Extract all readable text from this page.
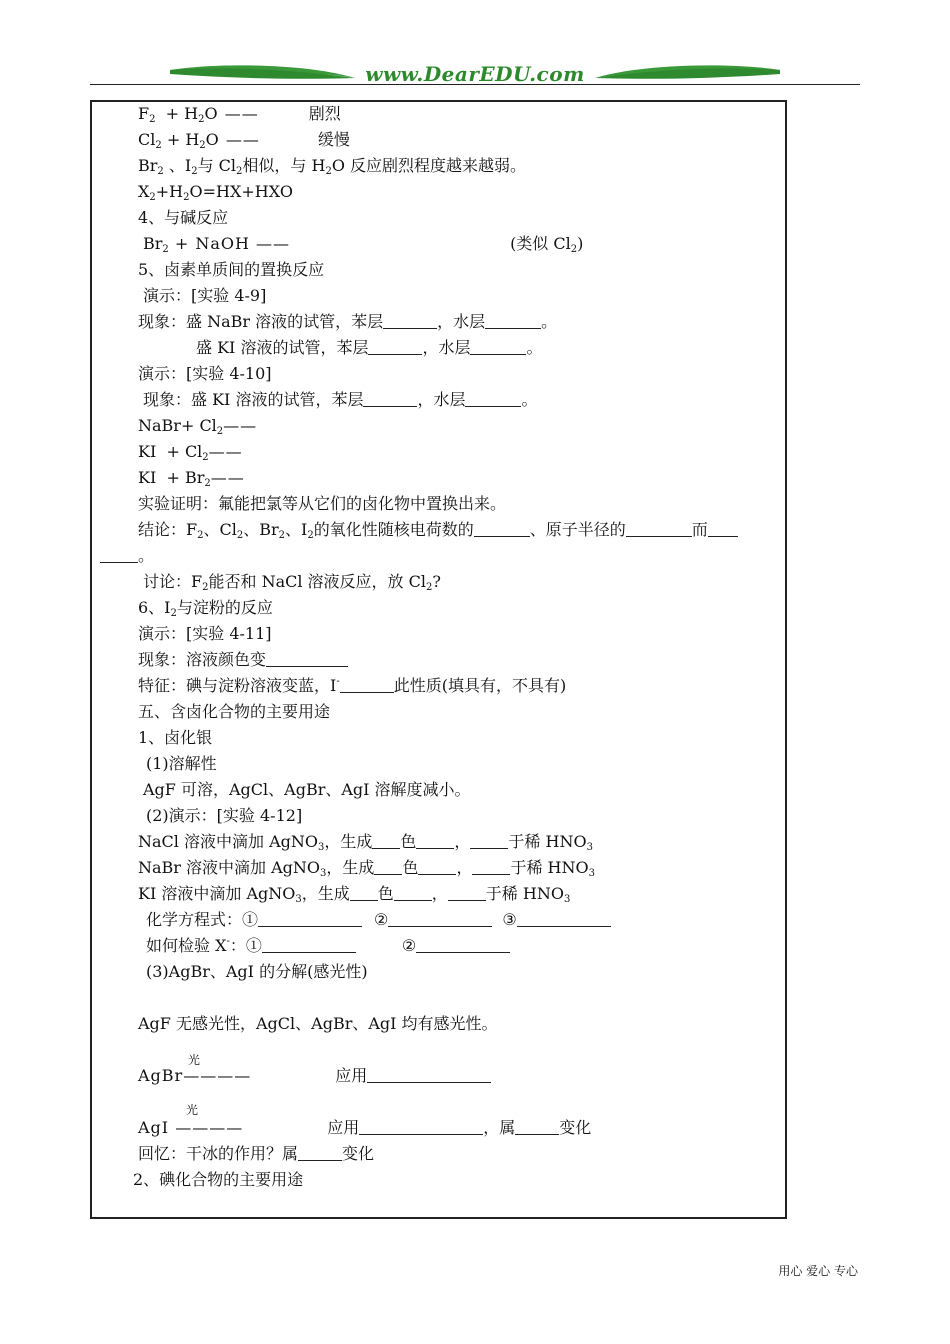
www.DearEDU.com
$F_2 + H_2O$ ——	剧烈
$Cl_2 + H_2O$ ——	缓慢
$Br_2$ 、$I_2$与 $Cl_2$相似，与 $H_2O$ 反应剧烈程度越来越弱。
$X_2+H_2O=HX+HXO$
4、与碱反应
$Br_2$ + NaOH ——	(类似 $Cl_2$)
5、卤素单质间的置换反应
演示：[实验 4-9]
现象：盛 NaBr 溶液的试管，苯层	，水层	。
盛 KI 溶液的试管，苯层	，水层	。
演示：[实验 4-10]
现象：盛 KI 溶液的试管，苯层	，水层	。
NaBr+ $Cl_2——$
KI  + $Cl_2——$
KI  + $Br_2——$
实验证明：氟能把氯等从它们的卤化物中置换出来。
结论：$F_2$、$Cl_2$、$Br_2$、$I_2$的氧化性随核电荷数的	、原子半径的	而
。
讨论：$F_2$能否和 NaCl 溶液反应，放 $Cl_2$?
6、$I_2$与淀粉的反应
演示：[实验 4-11]
现象：溶液颜色变
特征：碘与淀粉溶液变蓝，I-	此性质(填具有，不具有)
五、含卤化合物的主要用途
1、卤化银
(1)溶解性
AgF 可溶，AgCl、AgBr、AgI 溶解度减小。
(2)演示：[实验 4-12]
NaCl 溶液中滴加 AgNO$_3$，生成 色 ， 于稀 $HNO_3$
NaBr 溶液中滴加 AgNO$_3$，生成 色 ， 于稀 $HNO_3$
KI 溶液中滴加 AgNO$_3$，生成 色 ， 于稀 $HNO_3$
化学方程式：①	②	③
如何检验 X-：①	②
(3)AgBr、AgI 的分解(感光性)
AgF 无感光性，AgCl、AgBr、AgI 均有感光性。
光
AgBr————	应用
光
AgI ————	应用	，属	变化
回忆：干冰的作用？属	变化
2、碘化合物的主要用途
用心 爱心 专心
